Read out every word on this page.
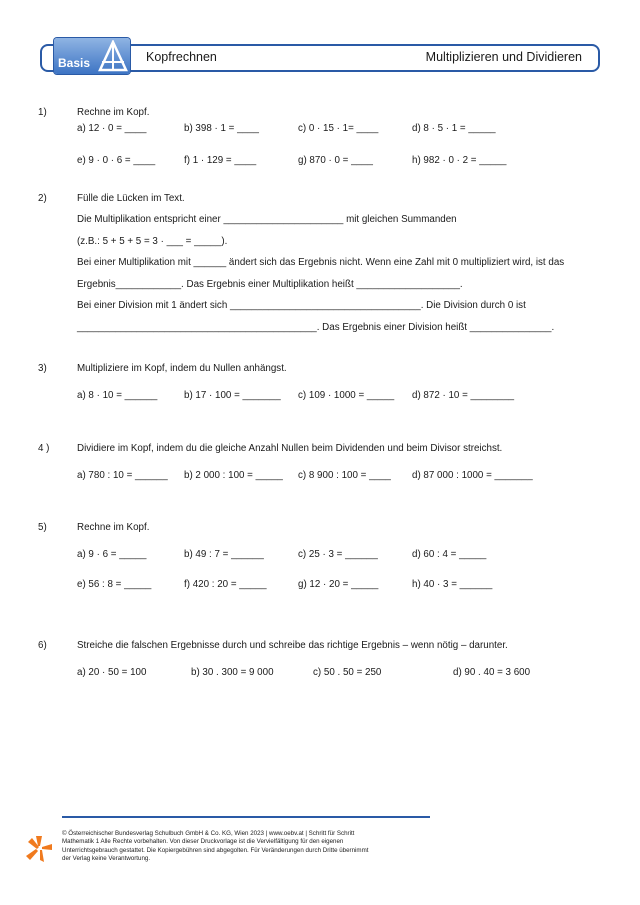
Kopfrechnen	Multiplizieren und Dividieren
Basis
1)	Rechne im Kopf.
a) 12 · 0 = ____	b) 398 · 1 = ____	c) 0 · 15 · 1= ____	d) 8 · 5 · 1 = _____
e) 9 · 0 · 6 = ____	f) 1 · 129 = ____	g) 870 · 0 = ____	h) 982 · 0 · 2 = _____
2)	Fülle die Lücken im Text.
Die Multiplikation entspricht einer ______________________ mit gleichen Summanden
(z.B.: 5 + 5 + 5 = 3 · ___ = _____).
Bei einer Multiplikation mit ______ ändert sich das Ergebnis nicht. Wenn eine Zahl mit 0 multipliziert wird, ist das
Ergebnis____________. Das Ergebnis einer Multiplikation heißt ___________________.
Bei einer Division mit 1 ändert sich ___________________________________. Die Division durch 0 ist
____________________________________________. Das Ergebnis einer Division heißt _______________.
3)	Multipliziere im Kopf, indem du Nullen anhängst.
a) 8 · 10 = ______	b) 17 · 100 = _______	c) 109 · 1000 = _____	d) 872 · 10 = ________
4 )	Dividiere im Kopf, indem du die gleiche Anzahl Nullen beim Dividenden und beim Divisor streichst.
a) 780 : 10 = ______	b) 2 000 : 100 = _____	c) 8 900 : 100 = ____	d) 87 000 : 1000 = _______
5)	Rechne im Kopf.
a) 9 · 6 = _____	b) 49 : 7 = ______	c) 25 · 3 = ______	d) 60 : 4 = _____
e) 56 : 8 = _____	f) 420 : 20 = _____	g) 12 · 20 = _____	h) 40 · 3 = ______
6)	Streiche die falschen Ergebnisse durch und schreibe das richtige Ergebnis – wenn nötig – darunter.
a) 20 · 50 = 100	b) 30 . 300 = 9 000	c) 50 . 50 = 250	d) 90 . 40 = 3 600
© Österreichischer Bundesverlag Schulbuch GmbH & Co. KG, Wien 2023 | www.oebv.at | Schritt für Schritt
Mathematik 1 Alle Rechte vorbehalten. Von dieser Druckvorlage ist die Vervielfältigung für den eigenen
Unterrichtsgebrauch gestattet. Die Kopiergebühren sind abgegolten. Für Veränderungen durch Dritte übernimmt
der Verlag keine Verantwortung.
